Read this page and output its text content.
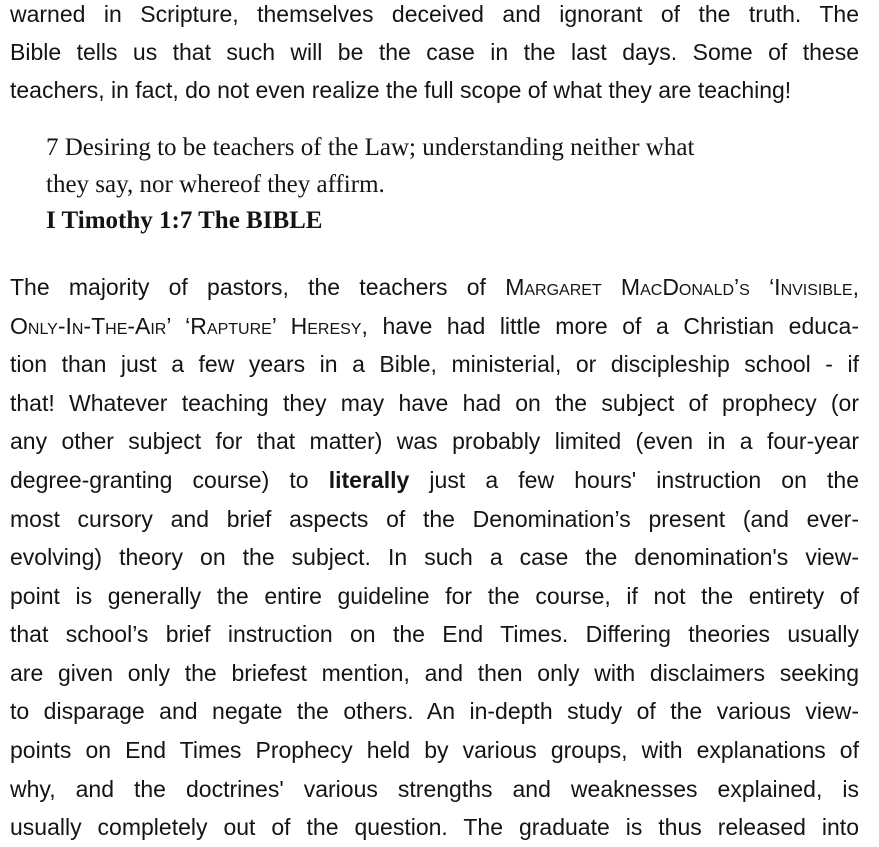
warned in Scripture, themselves deceived and ignorant of the truth. The
Bible tells us that such will be the case in the last days. Some of these
teachers, in fact, do not even realize the full scope of what they are teaching!
7 Desiring to be teachers of the Law; understanding neither what
they say, nor whereof they affirm.
I Timothy 1:7 The BIBLE
The majority of pastors, the teachers of Margaret MacDonald’s ‘Invisible,
Only-In-The-Air’ ‘Rapture’ Heresy, have had little more of a Christian educa-
tion than just a few years in a Bible, ministerial, or discipleship school - if
that! Whatever teaching they may have had on the subject of prophecy (or
any other subject for that matter) was probably limited (even in a four-year
degree-granting course) to literally just a few hours' instruction on the
most cursory and brief aspects of the Denomination’s present (and ever-
evolving) theory on the subject. In such a case the denomination's view-
point is generally the entire guideline for the course, if not the entirety of
that school’s brief instruction on the End Times. Differing theories usually
are given only the briefest mention, and then only with disclaimers seeking
to disparage and negate the others. An in-depth study of the various view-
points on End Times Prophecy held by various groups, with explanations of
why, and the doctrines' various strengths and weaknesses explained, is
usually completely out of the question. The graduate is thus released into
